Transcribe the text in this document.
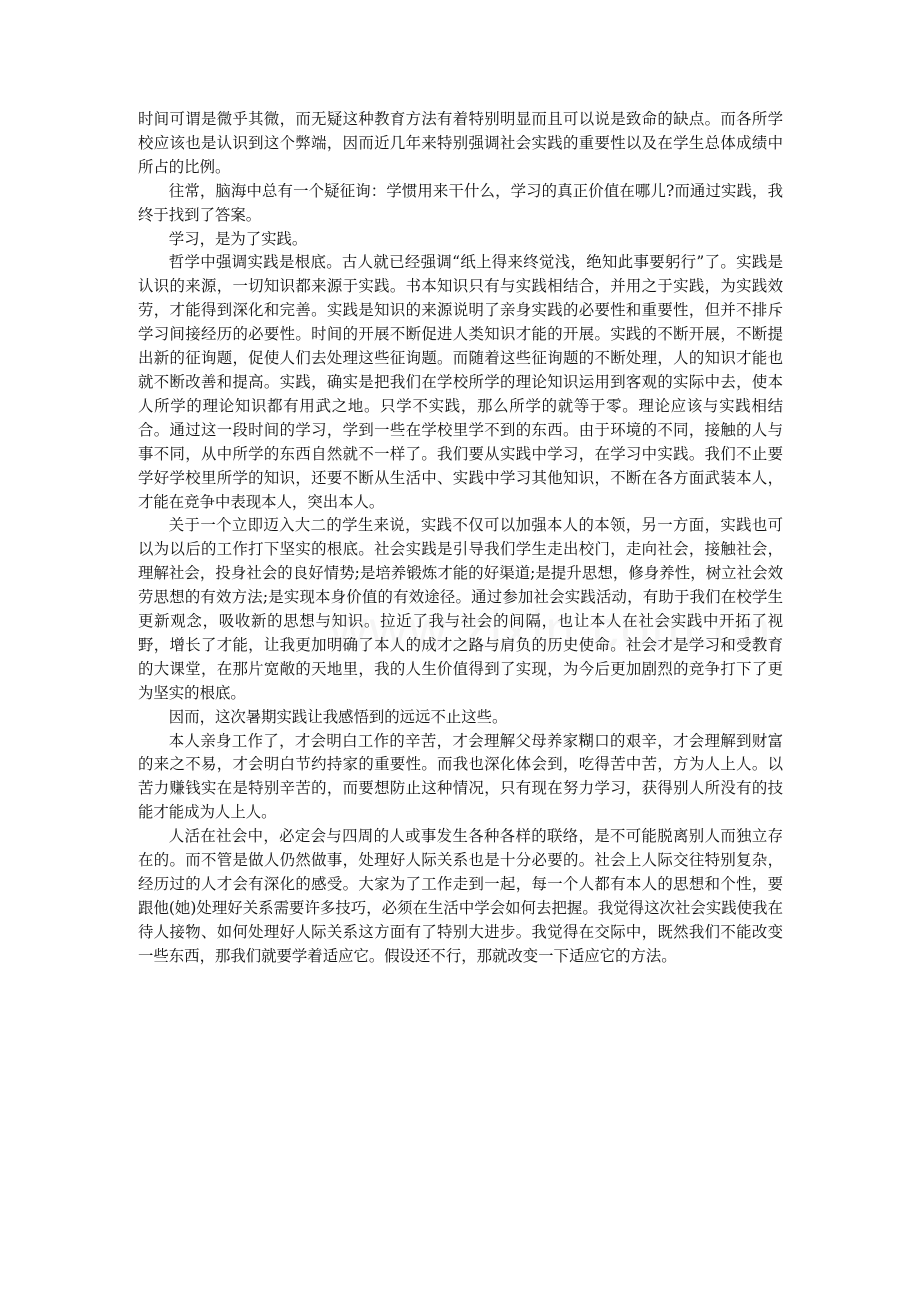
时间可谓是微乎其微，而无疑这种教育方法有着特别明显而且可以说是致命的缺点。而各所学校应该也是认识到这个弊端，因而近几年来特别强调社会实践的重要性以及在学生总体成绩中所占的比例。

往常，脑海中总有一个疑征询：学惯用来干什么，学习的真正价值在哪儿?而通过实践，我终于找到了答案。

学习，是为了实践。

哲学中强调实践是根底。古人就已经强调“纸上得来终觉浅，绝知此事要躬行”了。实践是认识的来源，一切知识都来源于实践。书本知识只有与实践相结合，并用之于实践，为实践效劳，才能得到深化和完善。实践是知识的来源说明了亲身实践的必要性和重要性，但并不排斥学习间接经历的必要性。时间的开展不断促进人类知识才能的开展。实践的不断开展，不断提出新的征询题，促使人们去处理这些征询题。而随着这些征询题的不断处理，人的知识才能也就不断改善和提高。实践，确实是把我们在学校所学的理论知识运用到客观的实际中去，使本人所学的理论知识都有用武之地。只学不实践，那么所学的就等于零。理论应该与实践相结合。通过这一段时间的学习，学到一些在学校里学不到的东西。由于环境的不同，接触的人与事不同，从中所学的东西自然就不一样了。我们要从实践中学习，在学习中实践。我们不止要学好学校里所学的知识，还要不断从生活中、实践中学习其他知识，不断在各方面武装本人，才能在竞争中表现本人，突出本人。

关于一个立即迈入大二的学生来说，实践不仅可以加强本人的本领，另一方面，实践也可以为以后的工作打下坚实的根底。社会实践是引导我们学生走出校门，走向社会，接触社会，理解社会，投身社会的良好情势;是培养锻炼才能的好渠道;是提升思想，修身养性，树立社会效劳思想的有效方法;是实现本身价值的有效途径。通过参加社会实践活动，有助于我们在校学生更新观念，吸收新的思想与知识。拉近了我与社会的间隔，也让本人在社会实践中开拓了视野，增长了才能，让我更加明确了本人的成才之路与肩负的历史使命。社会才是学习和受教育的大课堂，在那片宽敞的天地里，我的人生价值得到了实现，为今后更加剧烈的竞争打下了更为坚实的根底。

因而，这次暑期实践让我感悟到的远远不止这些。

本人亲身工作了，才会明白工作的辛苦，才会理解父母养家糊口的艰辛，才会理解到财富的来之不易，才会明白节约持家的重要性。而我也深化体会到，吃得苦中苦，方为人上人。以苦力赚钱实在是特别辛苦的，而要想防止这种情况，只有现在努力学习，获得别人所没有的技能才能成为人上人。

人活在社会中，必定会与四周的人或事发生各种各样的联络，是不可能脱离别人而独立存在的。而不管是做人仍然做事，处理好人际关系也是十分必要的。社会上人际交往特别复杂，经历过的人才会有深化的感受。大家为了工作走到一起，每一个人都有本人的思想和个性，要跟他(她)处理好关系需要许多技巧，必须在生活中学会如何去把握。我觉得这次社会实践使我在待人接物、如何处理好人际关系这方面有了特别大进步。我觉得在交际中，既然我们不能改变一些东西，那我们就要学着适应它。假设还不行，那就改变一下适应它的方法。
